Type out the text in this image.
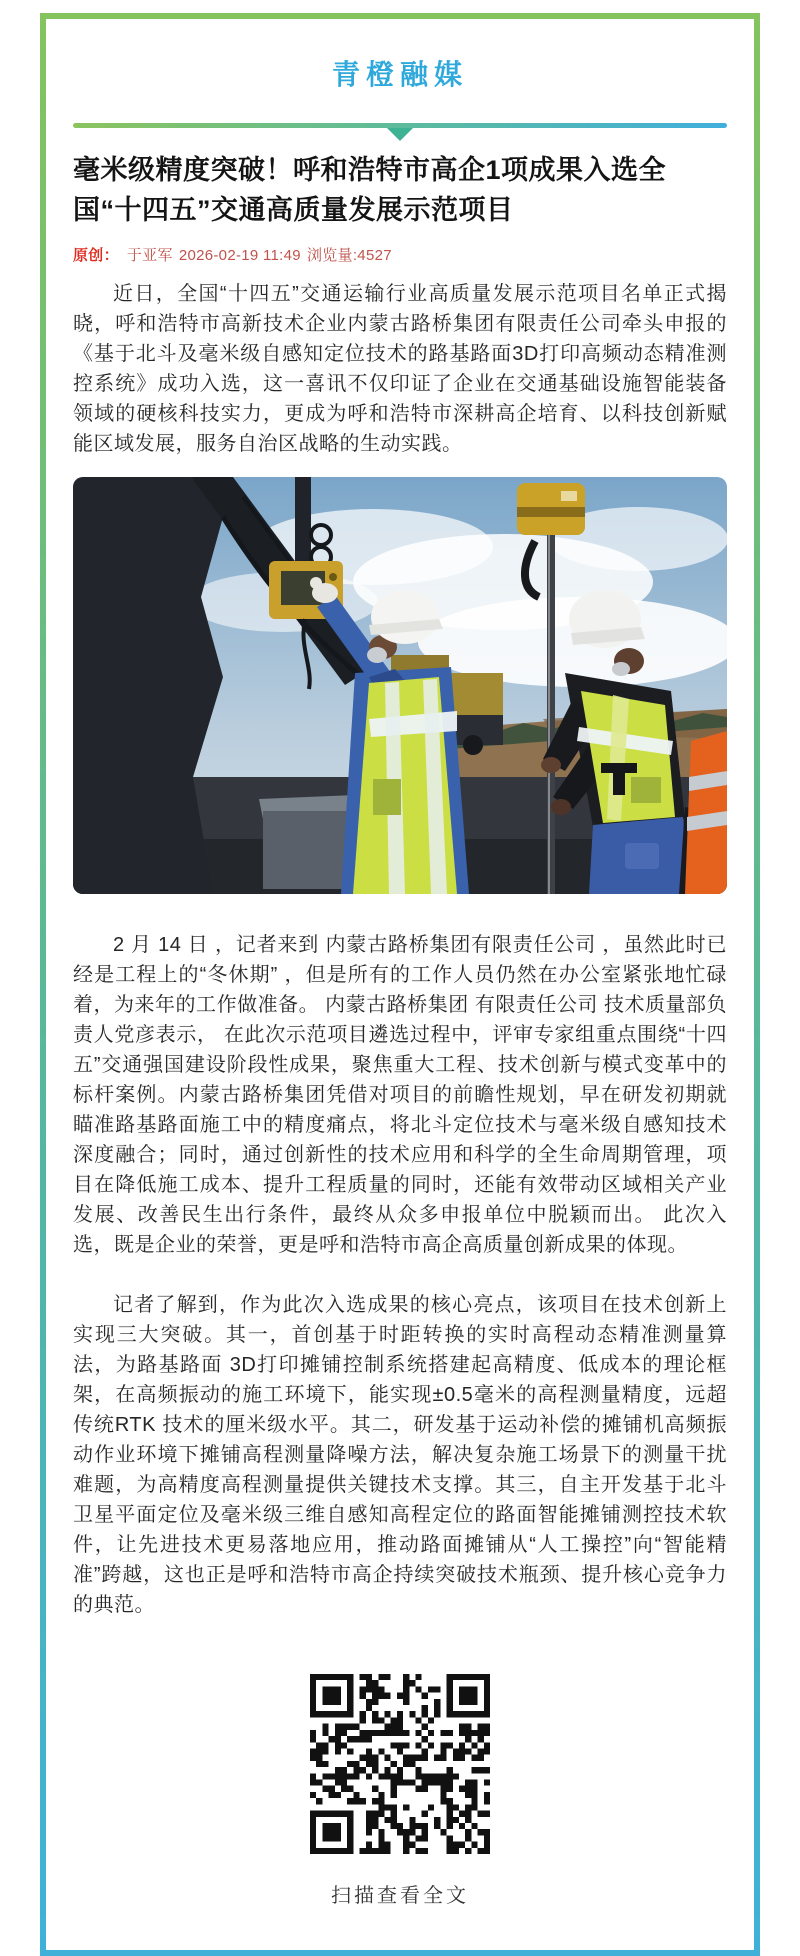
青橙融媒
毫米级精度突破！呼和浩特市高企1项成果入选全国“十四五”交通高质量发展示范项目
原创： 于亚军 2026-02-19 11:49 浏览量:4527

近日，全国“十四五”交通运输行业高质量发展示范项目名单正式揭晓，呼和浩特市高新技术企业内蒙古路桥集团有限责任公司牵头申报的《基于北斗及毫米级自感知定位技术的路基路面3D打印高频动态精准测控系统》成功入选，这一喜讯不仅印证了企业在交通基础设施智能装备领域的硬核科技实力，更成为呼和浩特市深耕高企培育、以科技创新赋能区域发展，服务自治区战略的生动实践。

2 月 14 日 ，记者来到 内蒙古路桥集团有限责任公司 ，虽然此时已经是工程上的“冬休期” ，但是所有的工作人员仍然在办公室紧张地忙碌着，为来年的工作做准备。 内蒙古路桥集团 有限责任公司 技术质量部负责人党彦表示， 在此次示范项目遴选过程中，评审专家组重点围绕“十四五”交通强国建设阶段性成果，聚焦重大工程、技术创新与模式变革中的标杆案例。内蒙古路桥集团凭借对项目的前瞻性规划，早在研发初期就瞄准路基路面施工中的精度痛点，将北斗定位技术与毫米级自感知技术深度融合；同时，通过创新性的技术应用和科学的全生命周期管理，项目在降低施工成本、提升工程质量的同时，还能有效带动区域相关产业发展、改善民生出行条件，最终从众多申报单位中脱颖而出。 此次入选，既是企业的荣誉，更是呼和浩特市高企高质量创新成果的体现。

记者了解到，作为此次入选成果的核心亮点，该项目在技术创新上实现三大突破。其一，首创基于时距转换的实时高程动态精准测量算法，为路基路面 3D打印摊铺控制系统搭建起高精度、低成本的理论框架，在高频振动的施工环境下，能实现±0.5毫米的高程测量精度，远超传统RTK 技术的厘米级水平。其二，研发基于运动补偿的摊铺机高频振动作业环境下摊铺高程测量降噪方法，解决复杂施工场景下的测量干扰难题，为高精度高程测量提供关键技术支撑。其三，自主开发基于北斗卫星平面定位及毫米级三维自感知高程定位的路面智能摊铺测控技术软件，让先进技术更易落地应用，推动路面摊铺从“人工操控”向“智能精准”跨越，这也正是呼和浩特市高企持续突破技术瓶颈、提升核心竞争力的典范。

扫描查看全文
